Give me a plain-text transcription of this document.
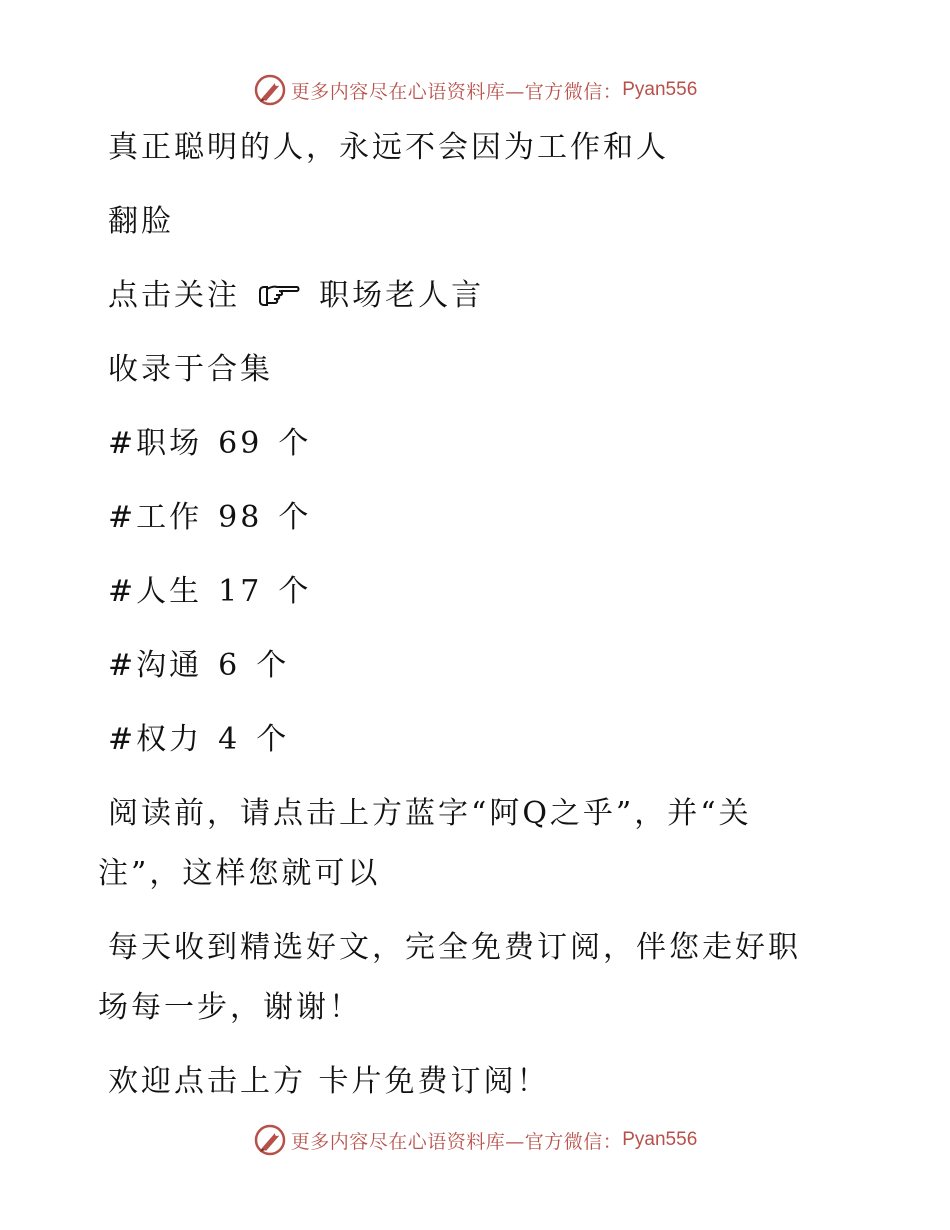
更多内容尽在心语资料库—官方微信： Pyan556

真正聪明的人，永远不会因为工作和人

翻脸

点击关注	职场老人言

收录于合集

#职场 69 个

#工作 98 个

#人生 17 个

#沟通 6 个

#权力 4 个

阅读前，请点击上方蓝字“阿Q之乎”，并“关注”，这样您就可以

每天收到精选好文，完全免费订阅，伴您走好职场每一步，谢谢！

欢迎点击上方 卡片免费订阅！

更多内容尽在心语资料库—官方微信： Pyan556
